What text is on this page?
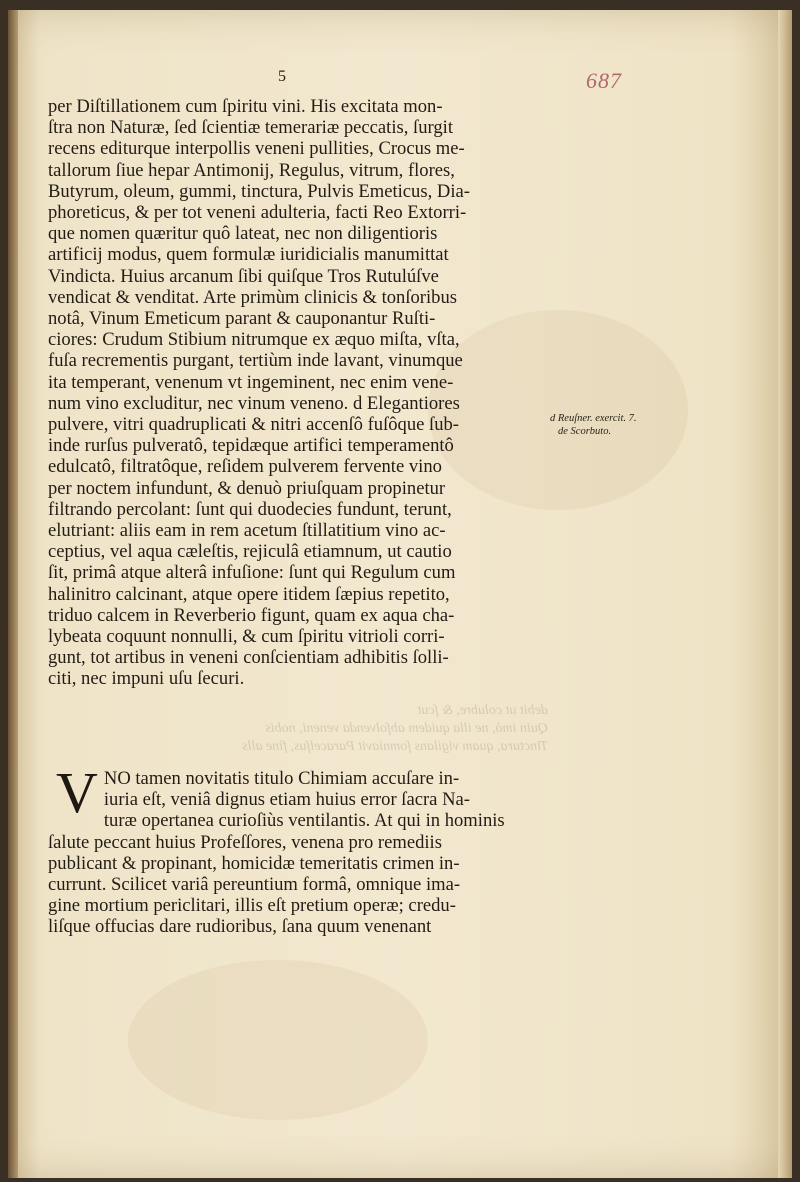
5	687
debit ut colubre, & ſcut
Quin imò, ne illa quidem abſolvenda veneni, nobis
Tinctura, quam vigilans ſomniavit Paracelſus, fine alls
per Diſtillationem cum ſpiritu vini. His excitata mon-
ſtra non Naturæ, ſed ſcientiæ temerariæ peccatis, ſurgit
recens editurque interpollis veneni pullities, Crocus me-
tallorum ſiue hepar Antimonij, Regulus, vitrum, flores,
Butyrum, oleum, gummi, tinctura, Pulvis Emeticus, Dia-
phoreticus, & per tot veneni adulteria, facti Reo Extorri-
que nomen quæritur quô lateat, nec non diligentioris
artificij modus, quem formulæ iuridicialis manumittat
Vindicta. Huius arcanum ſibi quiſque Tros Rutulúſve
vendicat & venditat. Arte primùm clinicis & tonſoribus
notâ, Vinum Emeticum parant & cauponantur Ruſti-
ciores: Crudum Stibium nitrumque ex æquo miſta, vſta,
fuſa recrementis purgant, tertiùm inde lavant, vinumque
ita temperant, venenum vt ingeminent, nec enim vene-
num vino excluditur, nec vinum veneno. d Elegantiores
pulvere, vitri quadruplicati & nitri accenſô fuſôque ſub-
inde rurſus pulveratô, tepidæque artifici temperamentô
edulcatô, filtratôque, reſidem pulverem fervente vino
per noctem infundunt, & denuò priuſquam propinetur
filtrando percolant: ſunt qui duodecies fundunt, terunt,
elutriant: aliis eam in rem acetum ſtillatitium vino ac-
ceptius, vel aqua cæleſtis, rejiculâ etiamnum, ut cautio
ſit, primâ atque alterâ infuſione: ſunt qui Regulum cum
halinitro calcinant, atque opere itidem ſæpius repetito,
triduo calcem in Reverberio figunt, quam ex aqua cha-
lybeata coquunt nonnulli, & cum ſpiritu vitrioli corri-
gunt, tot artibus in veneni conſcientiam adhibitis ſolli-
citi, nec impuni uſu ſecuri.
d Reuſner. exercit. 7.
de Scorbuto.
V NO tamen novitatis titulo Chimiam accuſare in-
iuria eſt, veniâ dignus etiam huius error ſacra Na-
turæ opertanea curioſiùs ventilantis. At qui in hominis
ſalute peccant huius Profeſſores, venena pro remediis
publicant & propinant, homicidæ temeritatis crimen in-
currunt. Scilicet variâ pereuntium formâ, omnique ima-
gine mortium periclitari, illis eſt pretium operæ; credu-
liſque offucias dare rudioribus, ſana quum venenant
